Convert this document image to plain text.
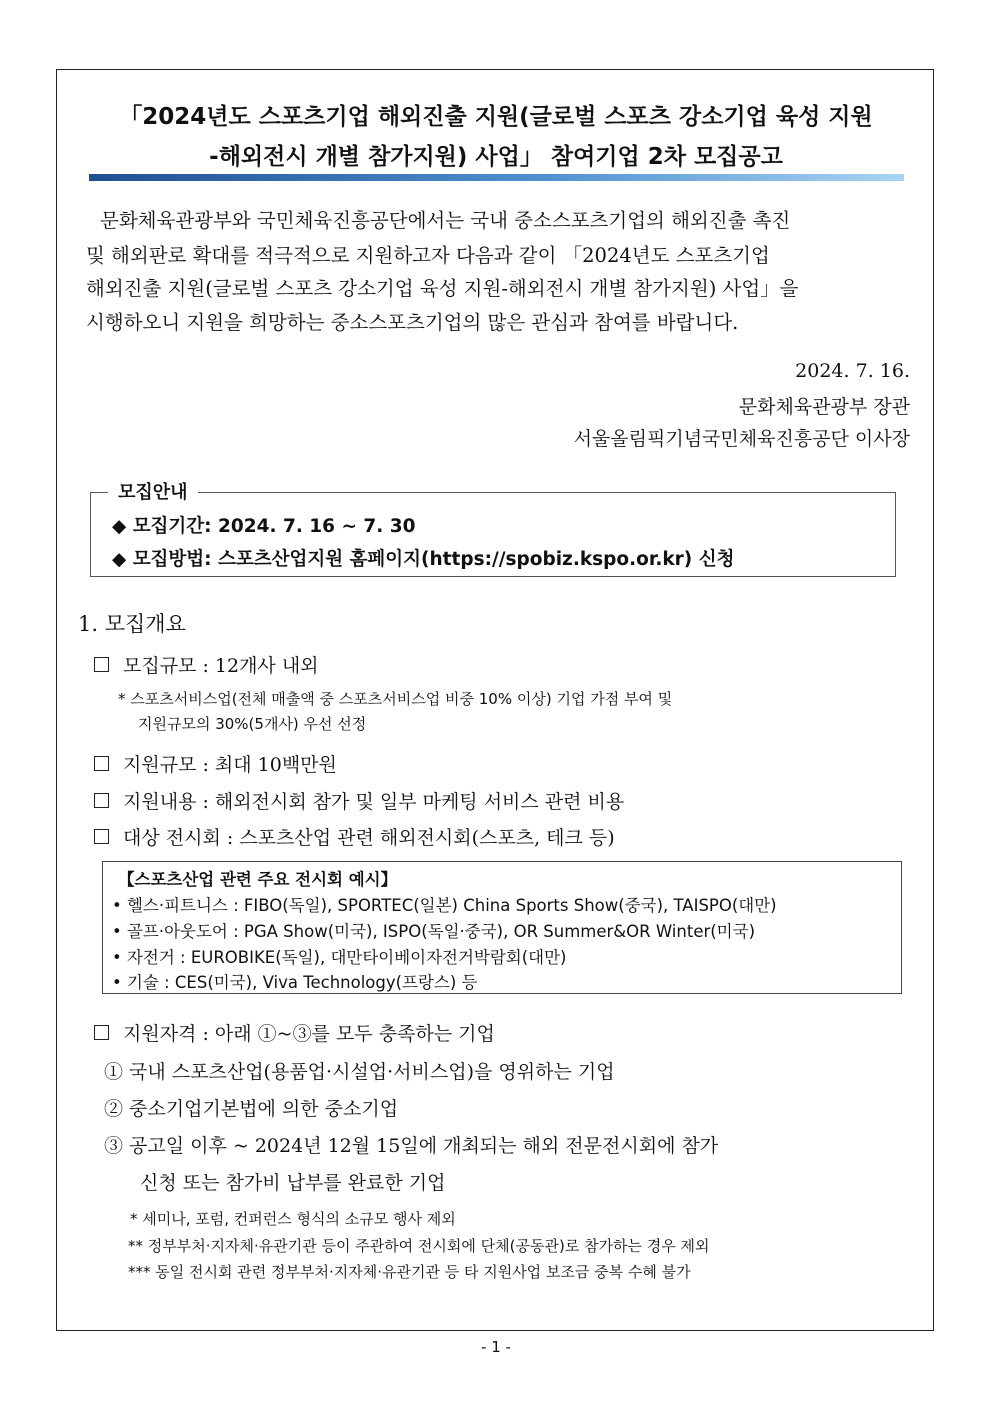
「2024년도 스포츠기업 해외진출 지원(글로벌 스포츠 강소기업 육성 지원
-해외전시 개별 참가지원) 사업」 참여기업 2차 모집공고
문화체육관광부와 국민체육진흥공단에서는 국내 중소스포츠기업의 해외진출 촉진
및 해외판로 확대를 적극적으로 지원하고자 다음과 같이 「2024년도 스포츠기업
해외진출 지원(글로벌 스포츠 강소기업 육성 지원-해외전시 개별 참가지원) 사업」을
시행하오니 지원을 희망하는 중소스포츠기업의 많은 관심과 참여를 바랍니다.
2024. 7. 16.
문화체육관광부 장관
서울올림픽기념국민체육진흥공단 이사장
모집안내
◆ 모집기간: 2024. 7. 16 ~ 7. 30
◆ 모집방법: 스포츠산업지원 홈페이지(https://spobiz.kspo.or.kr) 신청
1. 모집개요
모집규모 : 12개사 내외
* 스포츠서비스업(전체 매출액 중 스포츠서비스업 비중 10% 이상) 기업 가점 부여 및
지원규모의 30%(5개사) 우선 선정
지원규모 : 최대 10백만원
지원내용 : 해외전시회 참가 및 일부 마케팅 서비스 관련 비용
대상 전시회 : 스포츠산업 관련 해외전시회(스포츠, 테크 등)
【스포츠산업 관련 주요 전시회 예시】
• 헬스·피트니스 : FIBO(독일), SPORTEC(일본) China Sports Show(중국), TAISPO(대만)
• 골프·아웃도어 : PGA Show(미국), ISPO(독일·중국), OR Summer&OR Winter(미국)
• 자전거 : EUROBIKE(독일), 대만타이베이자전거박람회(대만)
• 기술 : CES(미국), Viva Technology(프랑스) 등
지원자격 : 아래 ①~③를 모두 충족하는 기업
① 국내 스포츠산업(용품업·시설업·서비스업)을 영위하는 기업
② 중소기업기본법에 의한 중소기업
③ 공고일 이후 ~ 2024년 12월 15일에 개최되는 해외 전문전시회에 참가
신청 또는 참가비 납부를 완료한 기업
* 세미나, 포럼, 컨퍼런스 형식의 소규모 행사 제외
** 정부부처·지자체·유관기관 등이 주관하여 전시회에 단체(공동관)로 참가하는 경우 제외
*** 동일 전시회 관련 정부부처·지자체·유관기관 등 타 지원사업 보조금 중복 수혜 불가
- 1 -
